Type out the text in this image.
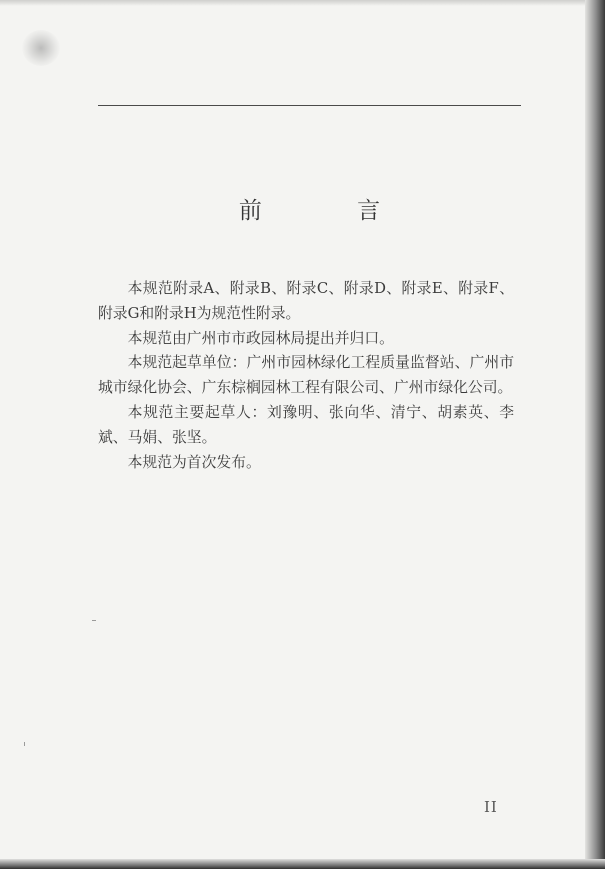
前 言

本规范附录A、附录B、附录C、附录D、附录E、附录F、附录G和附录H为规范性附录。

本规范由广州市市政园林局提出并归口。

本规范起草单位：广州市园林绿化工程质量监督站、广州市城市绿化协会、广东棕榈园林工程有限公司、广州市绿化公司。

本规范主要起草人：刘豫明、张向华、清宁、胡素英、李斌、马娟、张坚。

本规范为首次发布。

II
